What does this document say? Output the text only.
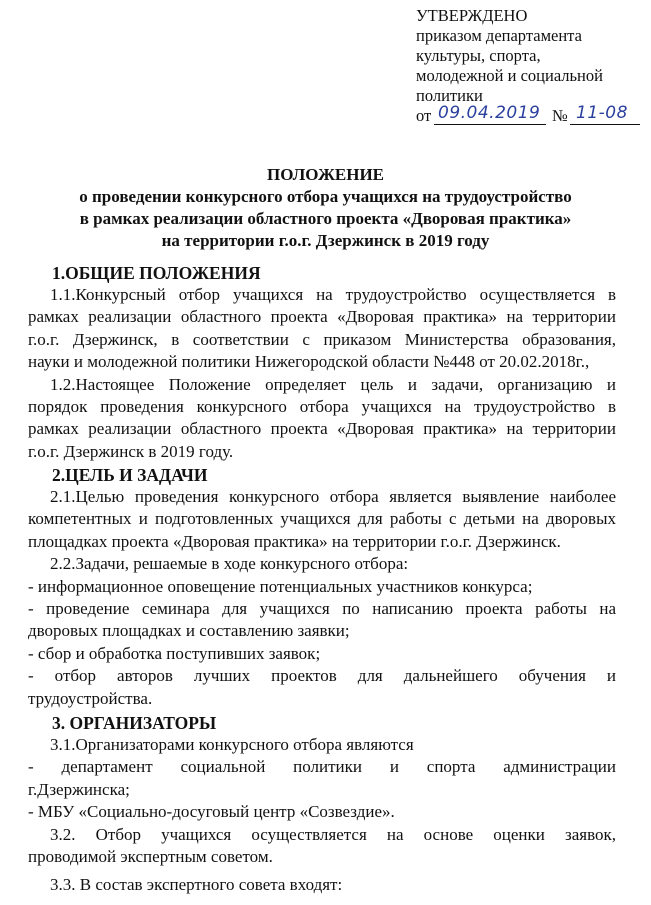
УТВЕРЖДЕНО
приказом департамента
культуры, спорта,
молодежной и социальной
политики
от 09.04.2019 № 11-08
ПОЛОЖЕНИЕ
о проведении конкурсного отбора учащихся на трудоустройство
в рамках реализации областного проекта «Дворовая практика»
на территории г.о.г. Дзержинск в 2019 году
1.ОБЩИЕ ПОЛОЖЕНИЯ
1.1.Конкурсный отбор учащихся на трудоустройство осуществляется в
рамках реализации областного проекта «Дворовая практика» на территории
г.о.г. Дзержинск, в соответствии с приказом Министерства образования,
науки и молодежной политики Нижегородской области №448 от 20.02.2018г.,
1.2.Настоящее Положение определяет цель и задачи, организацию и
порядок проведения конкурсного отбора учащихся на трудоустройство в
рамках реализации областного проекта «Дворовая практика» на территории
г.о.г. Дзержинск в 2019 году.
2.ЦЕЛЬ И ЗАДАЧИ
2.1.Целью проведения конкурсного отбора является выявление наиболее
компетентных и подготовленных учащихся для работы с детьми на дворовых
площадках проекта «Дворовая практика» на территории г.о.г. Дзержинск.
2.2.Задачи, решаемые в ходе конкурсного отбора:
- информационное оповещение потенциальных участников конкурса;
- проведение семинара для учащихся по написанию проекта работы на
дворовых площадках и составлению заявки;
- сбор и обработка поступивших заявок;
- отбор авторов лучших проектов для дальнейшего обучения и
трудоустройства.
3. ОРГАНИЗАТОРЫ
3.1.Организаторами конкурсного отбора являются
- департамент социальной политики и спорта администрации
г.Дзержинска;
- МБУ «Социально-досуговый центр «Созвездие».
3.2. Отбор учащихся осуществляется на основе оценки заявок,
проводимой экспертным советом.
3.3. В состав экспертного совета входят:
